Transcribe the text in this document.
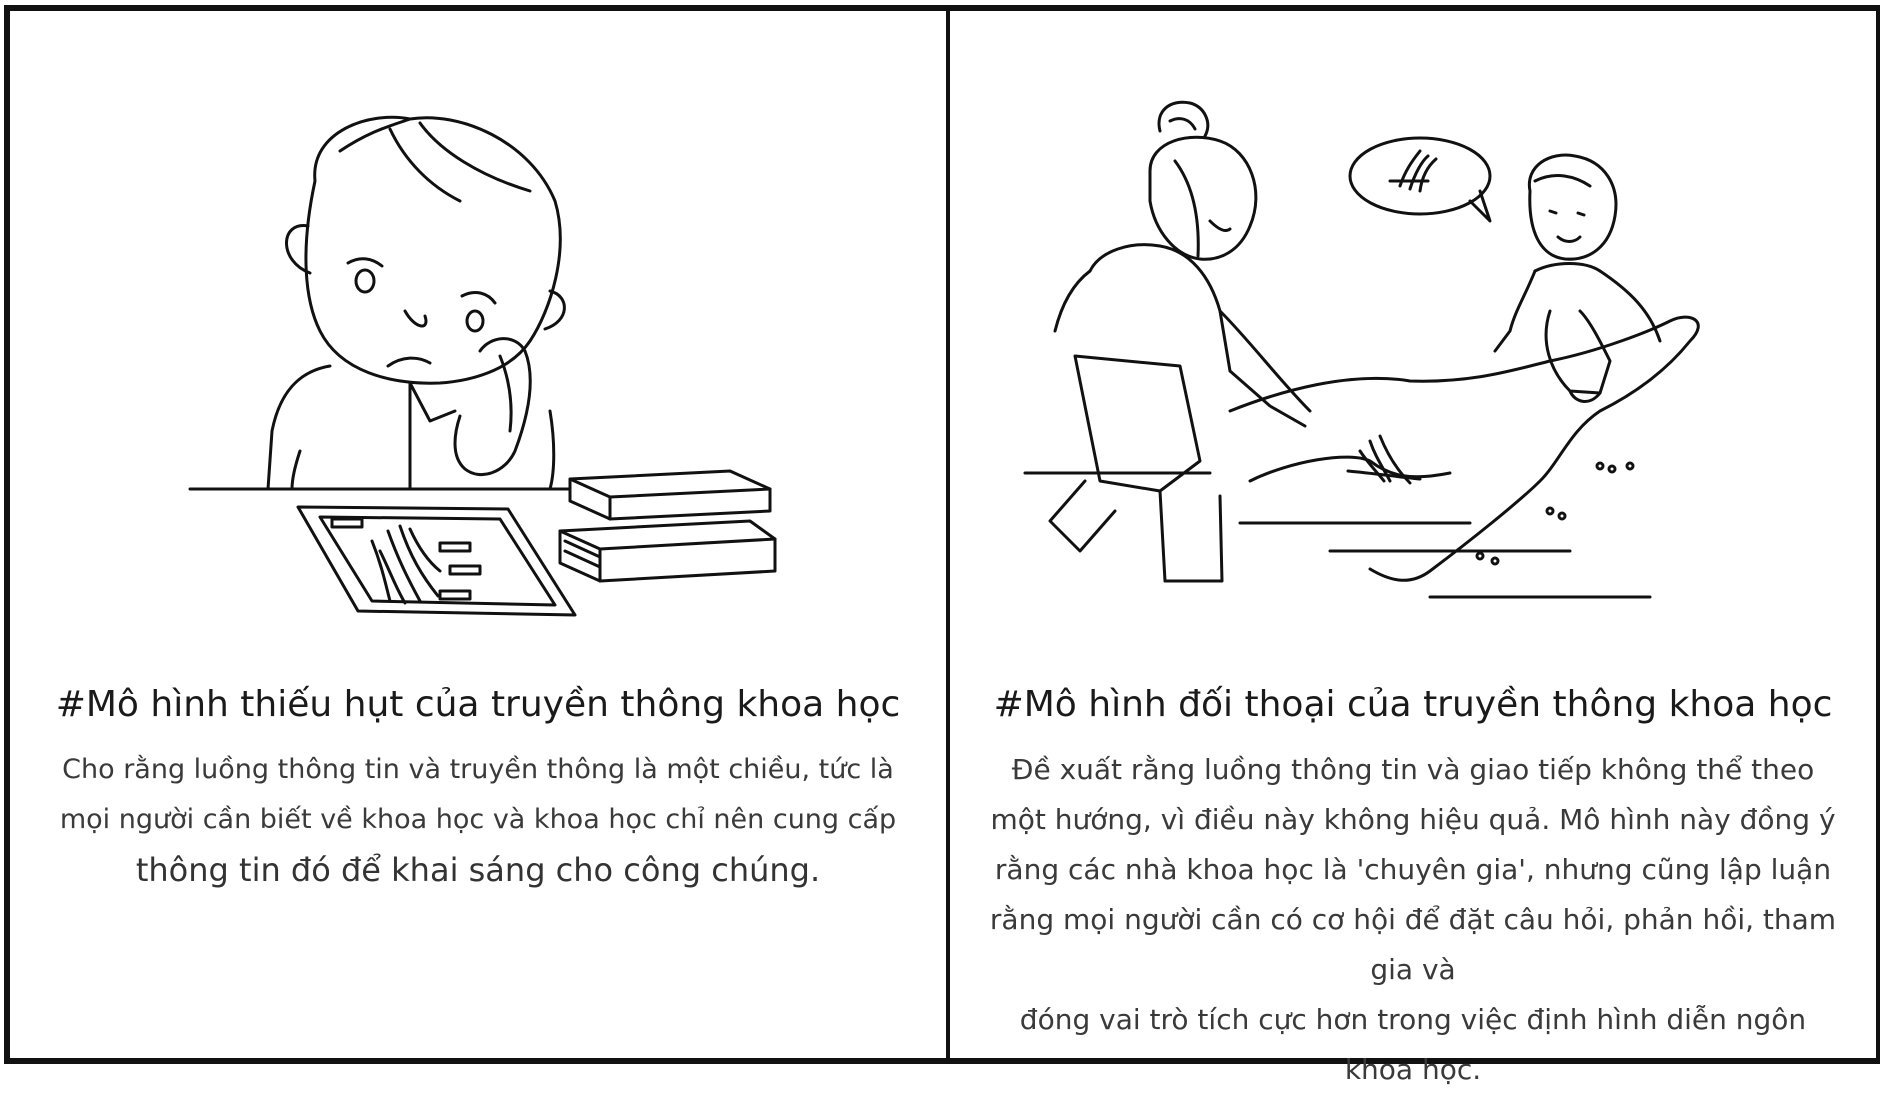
#Mô hình thiếu hụt của truyền thông khoa học
Cho rằng luồng thông tin và truyền thông là một chiều, tức là
mọi người cần biết về khoa học và khoa học chỉ nên cung cấp
thông tin đó để khai sáng cho công chúng.
#Mô hình đối thoại của truyền thông khoa học
Đề xuất rằng luồng thông tin và giao tiếp không thể theo
một hướng, vì điều này không hiệu quả. Mô hình này đồng ý
rằng các nhà khoa học là 'chuyên gia', nhưng cũng lập luận
rằng mọi người cần có cơ hội để đặt câu hỏi, phản hồi, tham gia và
đóng vai trò tích cực hơn trong việc định hình diễn ngôn
khoa học.
